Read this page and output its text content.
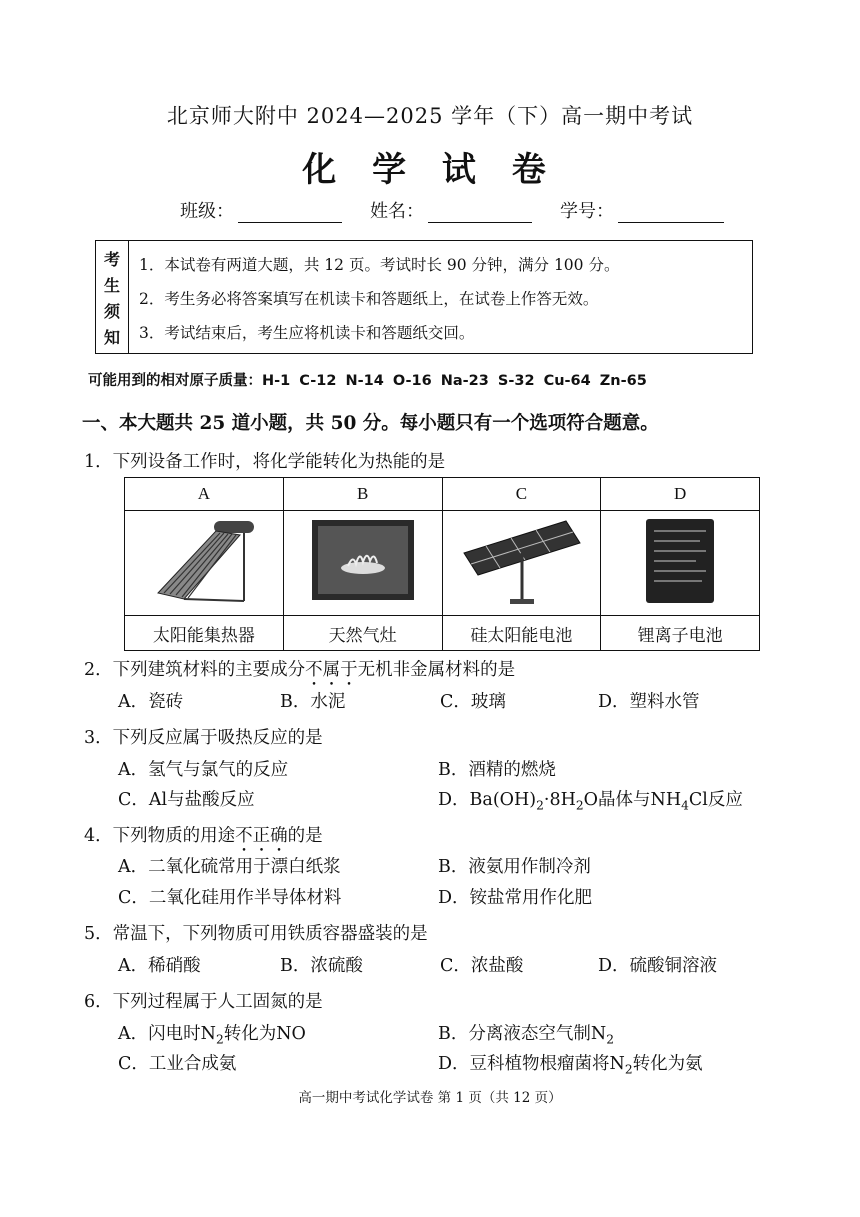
北京师大附中 2024—2025 学年（下）高一期中考试
化 学 试 卷
班级：	姓名：	学号：
考
生
须
知
1．本试卷有两道大题，共 12 页。考试时长 90 分钟，满分 100 分。
2．考生务必将答案填写在机读卡和答题纸上，在试卷上作答无效。
3．考试结束后，考生应将机读卡和答题纸交回。
可能用到的相对原子质量：H-1 C-12 N-14 O-16 Na-23 S-32 Cu-64 Zn-65
一、本大题共 25 道小题，共 50 分。每小题只有一个选项符合题意。
1．下列设备工作时，将化学能转化为热能的是
A	B	C	D

太阳能集热器	天然气灶	硅太阳能电池	锂离子电池
2．下列建筑材料的主要成分不属于无机非金属材料的是
A．瓷砖	B．水泥	C．玻璃	D．塑料水管
3．下列反应属于吸热反应的是
A．氢气与氯气的反应	B．酒精的燃烧
C．Al与盐酸反应	D．$Ba(OH)_2\cdot 8H_2O$晶体与$NH_4Cl$反应
4．下列物质的用途不正确的是
A．二氧化硫常用于漂白纸浆	B．液氨用作制冷剂
C．二氧化硅用作半导体材料	D．铵盐常用作化肥
5．常温下，下列物质可用铁质容器盛装的是
A．稀硝酸	B．浓硫酸	C．浓盐酸	D．硫酸铜溶液
6．下列过程属于人工固氮的是
A．闪电时$N_2$转化为NO	B．分离液态空气制$N_2$
C．工业合成氨	D．豆科植物根瘤菌将$N_2$转化为氨
高一期中考试化学试卷 第 1 页（共 12 页）
